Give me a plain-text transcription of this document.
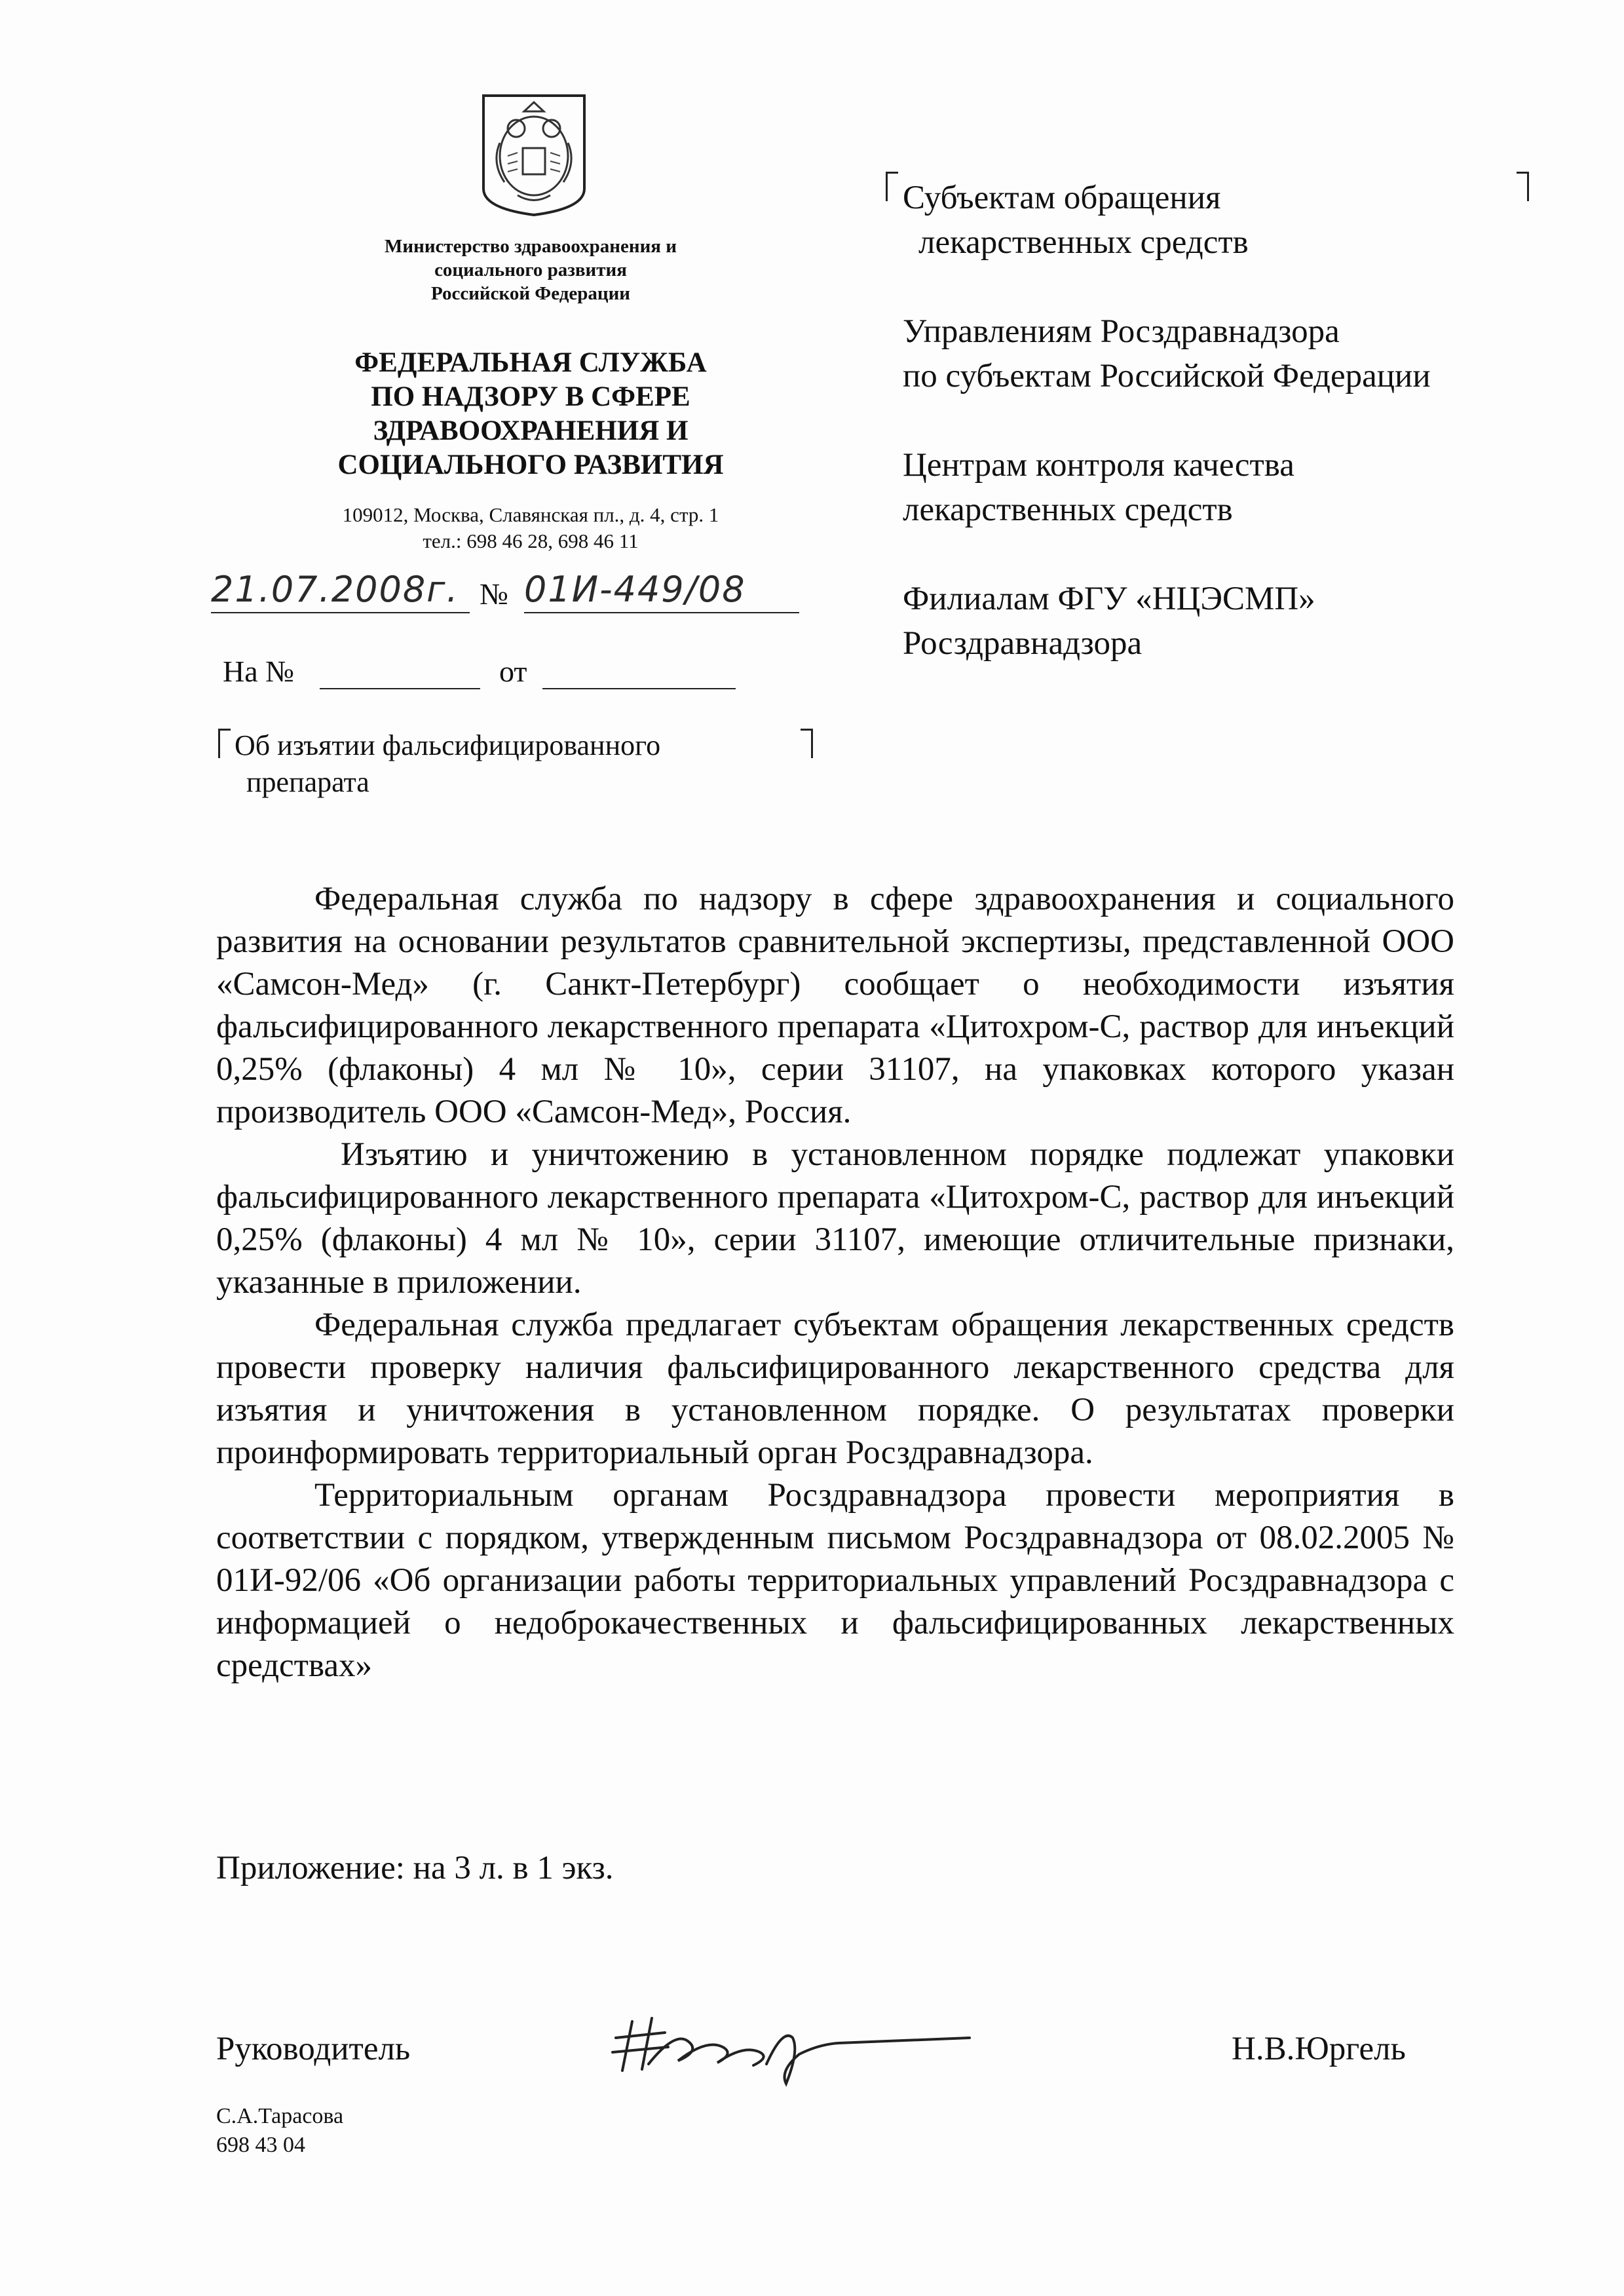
Министерство здравоохранения и
социального развития
Российской Федерации
ФЕДЕРАЛЬНАЯ СЛУЖБА
ПО НАДЗОРУ В СФЕРЕ
ЗДРАВООХРАНЕНИЯ И
СОЦИАЛЬНОГО РАЗВИТИЯ
109012, Москва, Славянская пл., д. 4, стр. 1
тел.: 698 46 28, 698 46 11
21.07.2008г. № 01И-449/08
На №	от
Об изъятии фальсифицированного
препарата
Субъектам обращения
лекарственных средств
Управлениям Росздравнадзора
по субъектам Российской Федерации
Центрам контроля качества
лекарственных средств
Филиалам ФГУ «НЦЭСМП»
Росздравнадзора

Федеральная служба по надзору в сфере здравоохранения и социального развития на основании результатов сравнительной экспертизы, представленной ООО «Самсон-Мед» (г. Санкт-Петербург) сообщает о необходимости изъятия фальсифицированного лекарственного препарата «Цитохром-С, раствор для инъекций 0,25% (флаконы) 4 мл № 10», серии 31107, на упаковках которого указан производитель ООО «Самсон-Мед», Россия.

Изъятию и уничтожению в установленном порядке подлежат упаковки фальсифицированного лекарственного препарата «Цитохром-С, раствор для инъекций 0,25% (флаконы) 4 мл № 10», серии 31107, имеющие отличительные признаки, указанные в приложении.

Федеральная служба предлагает субъектам обращения лекарственных средств провести проверку наличия фальсифицированного лекарственного средства для изъятия и уничтожения в установленном порядке. О результатах проверки проинформировать территориальный орган Росздравнадзора.

Территориальным органам Росздравнадзора провести мероприятия в соответствии с порядком, утвержденным письмом Росздравнадзора от 08.02.2005 № 01И-92/06 «Об организации работы территориальных управлений Росздравнадзора с информацией о недоброкачественных и фальсифицированных лекарственных средствах»

Приложение: на 3 л. в 1 экз.
Руководитель	Н.В.Юргель
С.А.Тарасова
698 43 04
